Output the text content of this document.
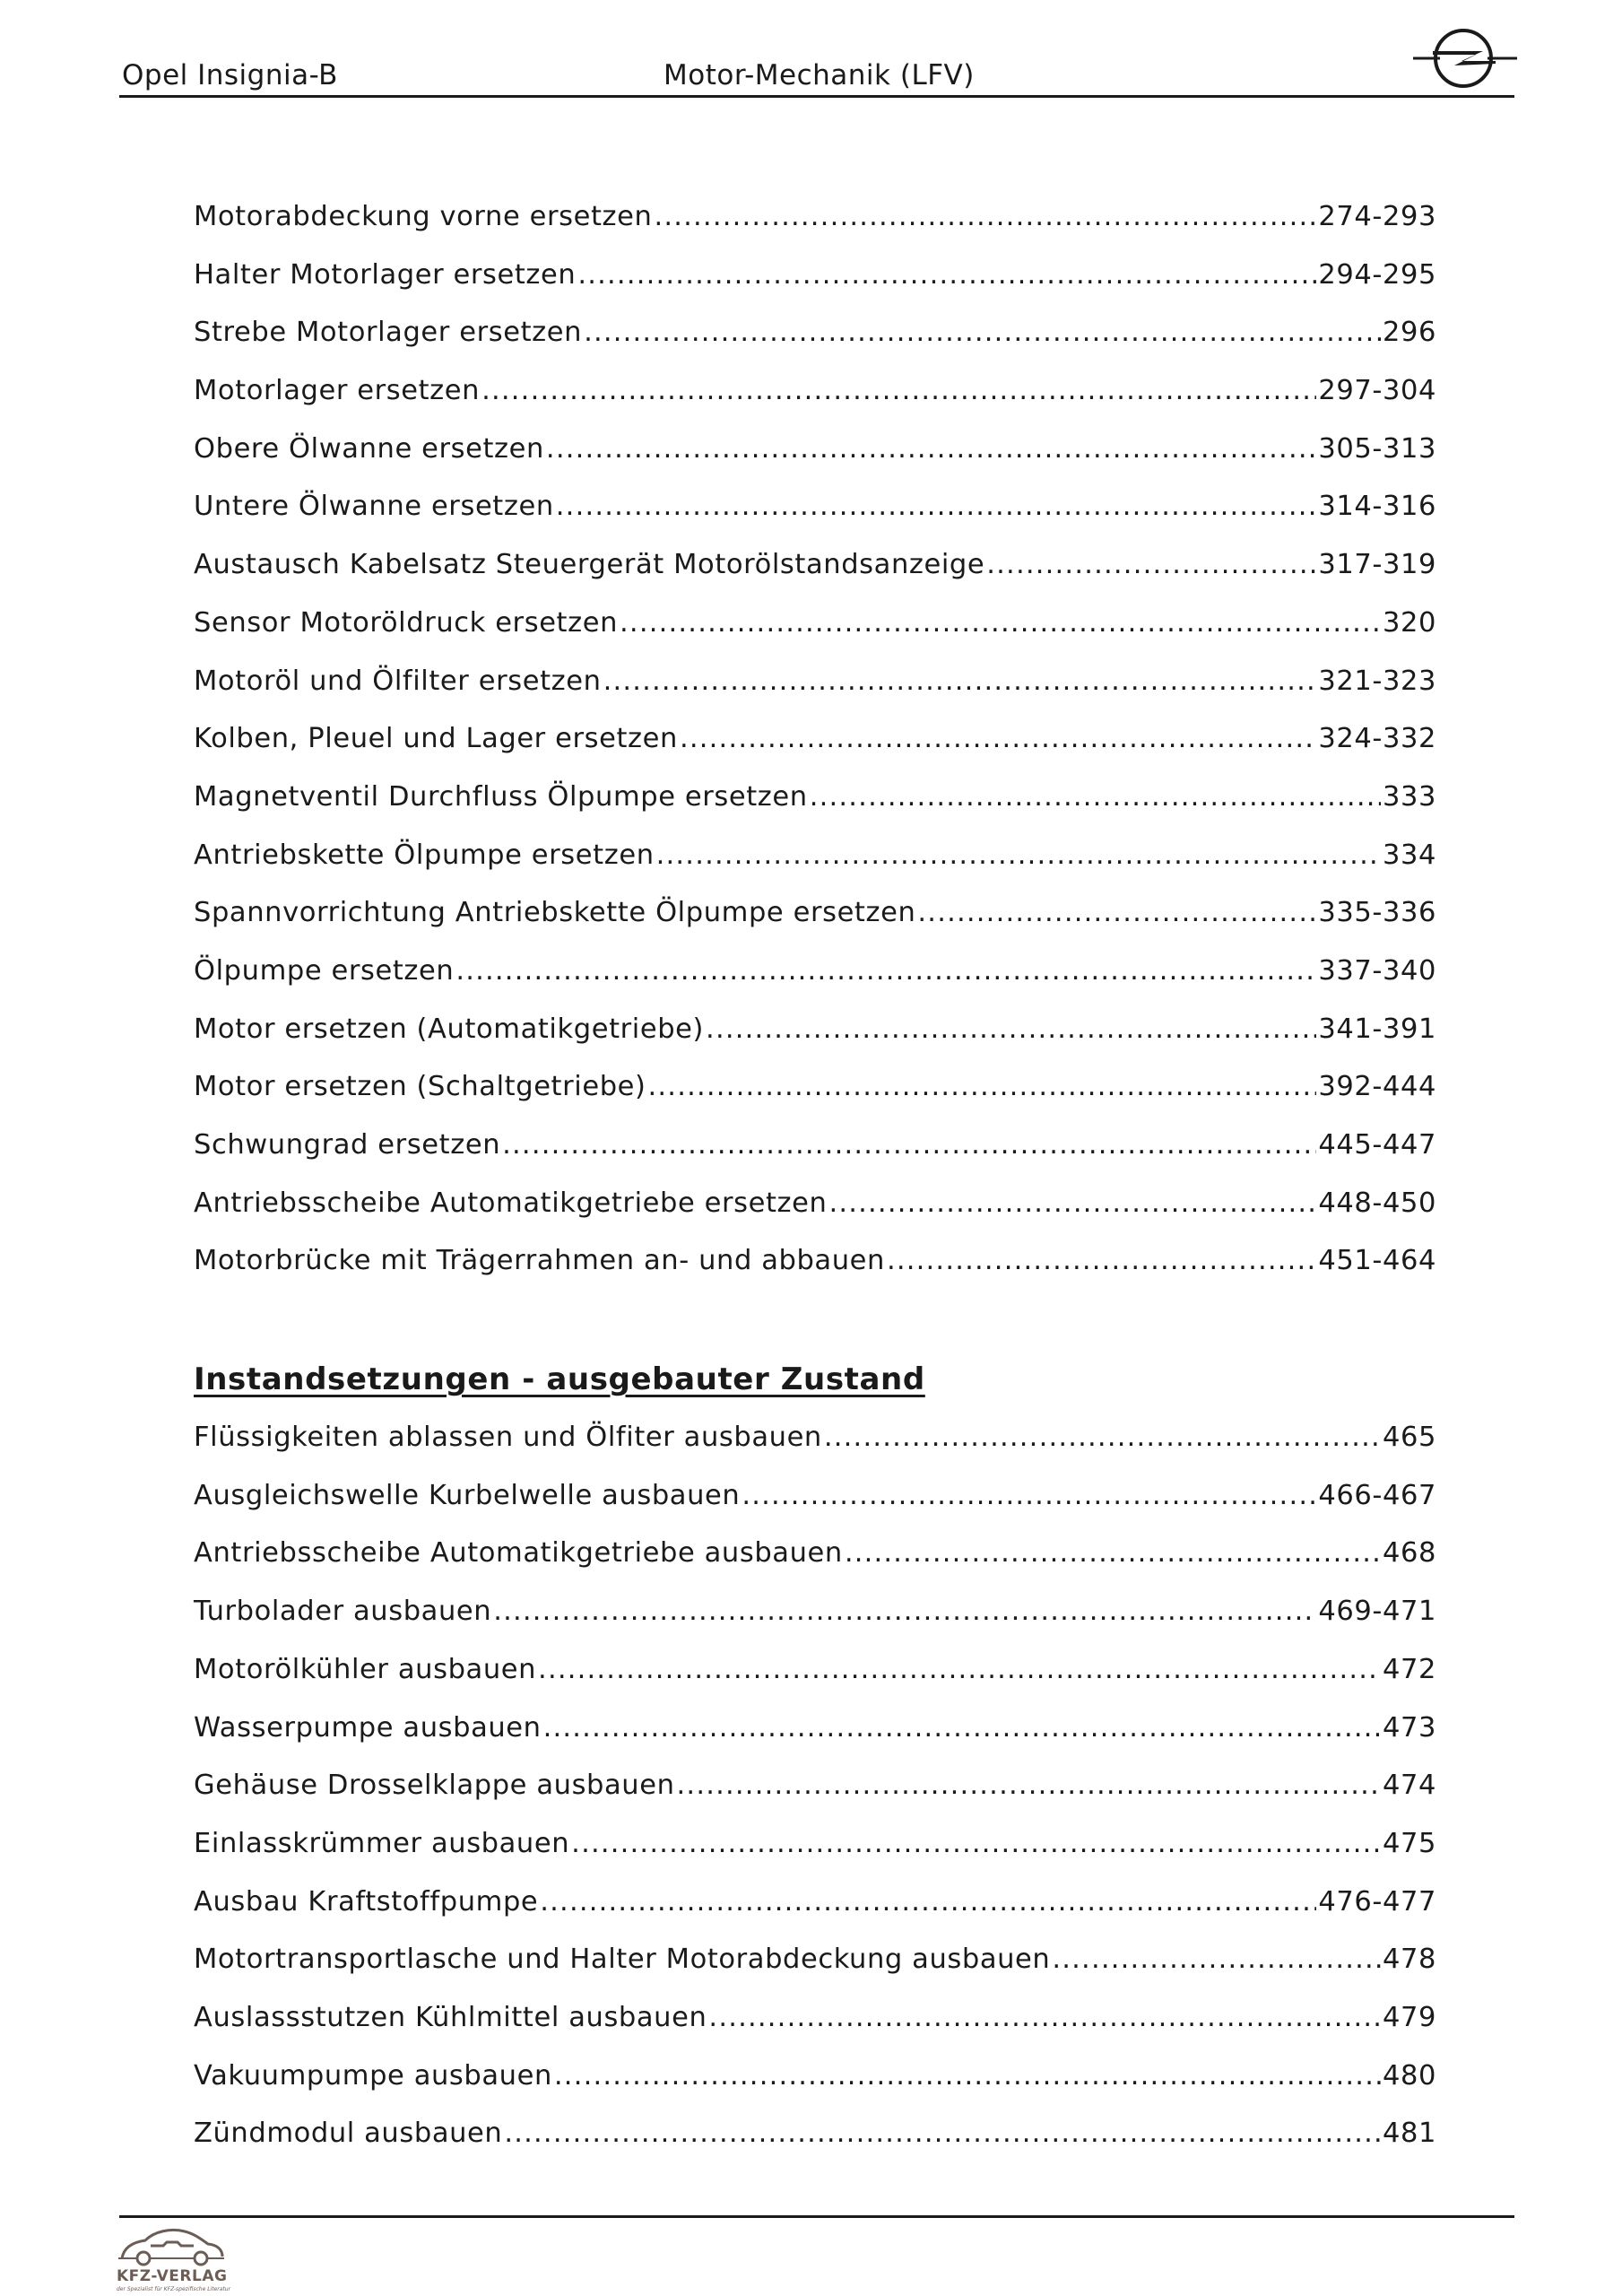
Opel Insignia-B	Motor-Mechanik (LFV)
Motorabdeckung vorne ersetzen .....	274-293
Halter Motorlager ersetzen .....	294-295
Strebe Motorlager ersetzen .....	296
Motorlager ersetzen .....	297-304
Obere Ölwanne ersetzen .....	305-313
Untere Ölwanne ersetzen .....	314-316
Austausch Kabelsatz Steuergerät Motorölstandsanzeige .....	317-319
Sensor Motoröldruck ersetzen .....	320
Motoröl und Ölfilter ersetzen .....	321-323
Kolben, Pleuel und Lager ersetzen .....	324-332
Magnetventil Durchfluss Ölpumpe ersetzen .....	333
Antriebskette Ölpumpe ersetzen .....	334
Spannvorrichtung Antriebskette Ölpumpe ersetzen .....	335-336
Ölpumpe ersetzen .....	337-340
Motor ersetzen (Automatikgetriebe) .....	341-391
Motor ersetzen (Schaltgetriebe) .....	392-444
Schwungrad ersetzen .....	445-447
Antriebsscheibe Automatikgetriebe ersetzen .....	448-450
Motorbrücke mit Trägerrahmen an- und abbauen .....	451-464
Instandsetzungen - ausgebauter Zustand
Flüssigkeiten ablassen und Ölfiter ausbauen .....	465
Ausgleichswelle Kurbelwelle ausbauen .....	466-467
Antriebsscheibe Automatikgetriebe ausbauen .....	468
Turbolader ausbauen .....	469-471
Motorölkühler ausbauen .....	472
Wasserpumpe ausbauen .....	473
Gehäuse Drosselklappe ausbauen .....	474
Einlasskrümmer ausbauen .....	475
Ausbau Kraftstoffpumpe .....	476-477
Motortransportlasche und Halter Motorabdeckung ausbauen .....	478
Auslassstutzen Kühlmittel ausbauen .....	479
Vakuumpumpe ausbauen .....	480
Zündmodul ausbauen .....	481
KFZ-VERLAG
der Spezialist für KFZ-spezifische Literatur
